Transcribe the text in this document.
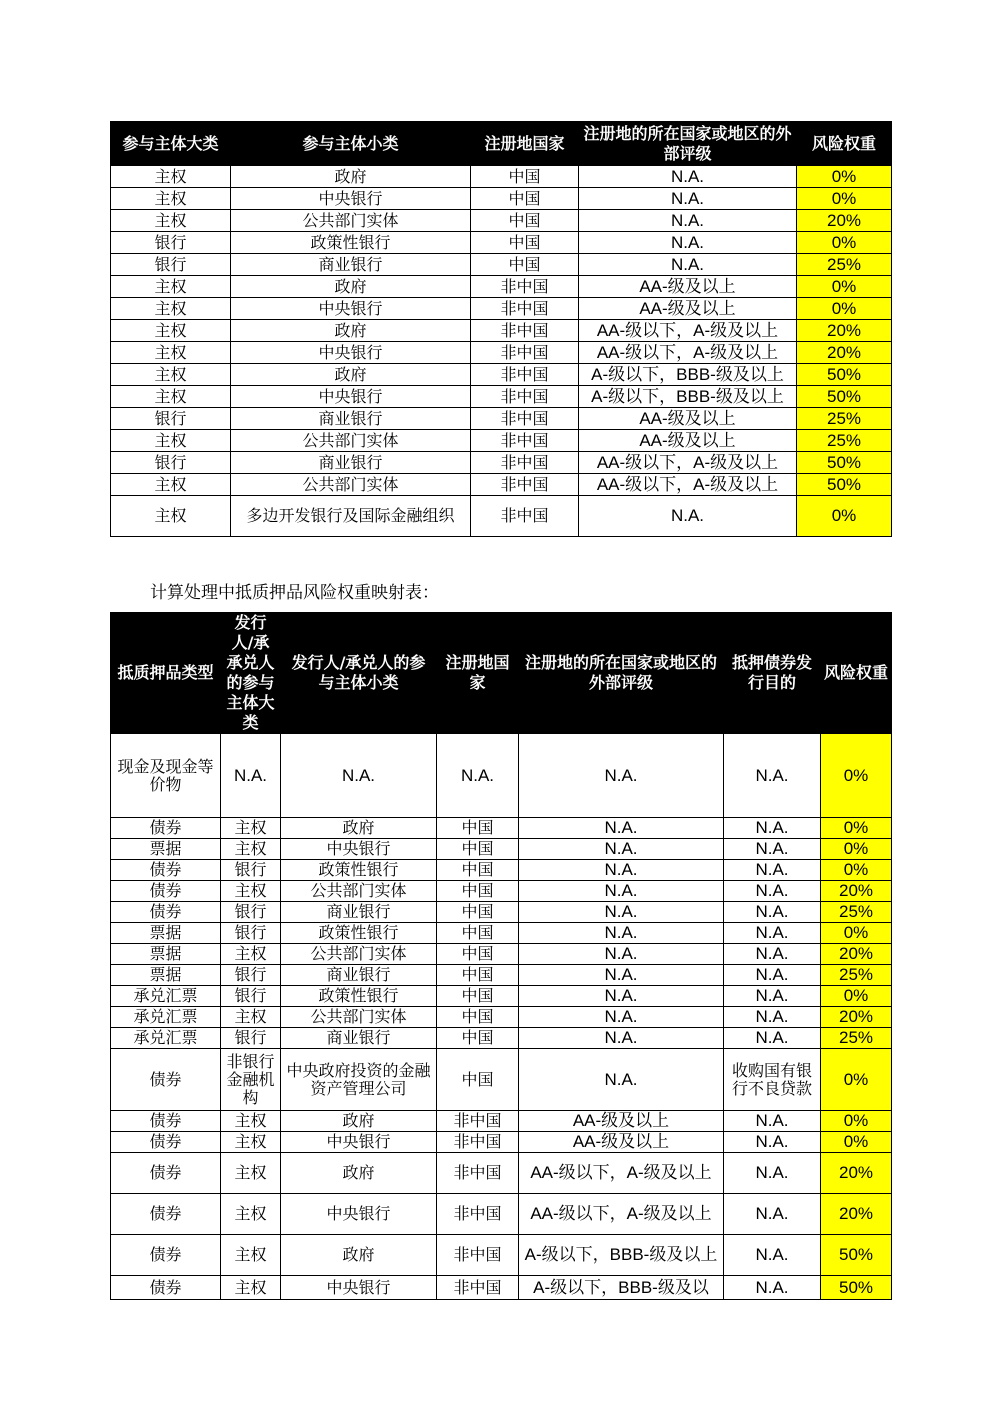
参与主体大类	参与主体小类	注册地国家	注册地的所在国家或地区的外部评级	风险权重
主权	政府	中国	N.A.	0%
主权	中央银行	中国	N.A.	0%
主权	公共部门实体	中国	N.A.	20%
银行	政策性银行	中国	N.A.	0%
银行	商业银行	中国	N.A.	25%
主权	政府	非中国	AA-级及以上	0%
主权	中央银行	非中国	AA-级及以上	0%
主权	政府	非中国	AA-级以下，A-级及以上	20%
主权	中央银行	非中国	AA-级以下，A-级及以上	20%
主权	政府	非中国	A-级以下，BBB-级及以上	50%
主权	中央银行	非中国	A-级以下，BBB-级及以上	50%
银行	商业银行	非中国	AA-级及以上	25%
主权	公共部门实体	非中国	AA-级及以上	25%
银行	商业银行	非中国	AA-级以下，A-级及以上	50%
主权	公共部门实体	非中国	AA-级以下，A-级及以上	50%
主权	多边开发银行及国际金融组织	非中国	N.A.	0%
计算处理中抵质押品风险权重映射表：
抵质押品类型	发行人/承承兑人的参与主体大类	发行人/承兑人的参与主体小类	注册地国家	注册地的所在国家或地区的外部评级	抵押债券发行目的	风险权重
现金及现金等价物	N.A.	N.A.	N.A.	N.A.	N.A.	0%
债券	主权	政府	中国	N.A.	N.A.	0%
票据	主权	中央银行	中国	N.A.	N.A.	0%
债券	银行	政策性银行	中国	N.A.	N.A.	0%
债券	主权	公共部门实体	中国	N.A.	N.A.	20%
债券	银行	商业银行	中国	N.A.	N.A.	25%
票据	银行	政策性银行	中国	N.A.	N.A.	0%
票据	主权	公共部门实体	中国	N.A.	N.A.	20%
票据	银行	商业银行	中国	N.A.	N.A.	25%
承兑汇票	银行	政策性银行	中国	N.A.	N.A.	0%
承兑汇票	主权	公共部门实体	中国	N.A.	N.A.	20%
承兑汇票	银行	商业银行	中国	N.A.	N.A.	25%
债券	非银行金融机构	中央政府投资的金融资产管理公司	中国	N.A.	收购国有银行不良贷款	0%
债券	主权	政府	非中国	AA-级及以上	N.A.	0%
债券	主权	中央银行	非中国	AA-级及以上	N.A.	0%
债券	主权	政府	非中国	AA-级以下，A-级及以上	N.A.	20%
债券	主权	中央银行	非中国	AA-级以下，A-级及以上	N.A.	20%
债券	主权	政府	非中国	A-级以下，BBB-级及以上	N.A.	50%
债券	主权	中央银行	非中国	A-级以下，BBB-级及以	N.A.	50%
